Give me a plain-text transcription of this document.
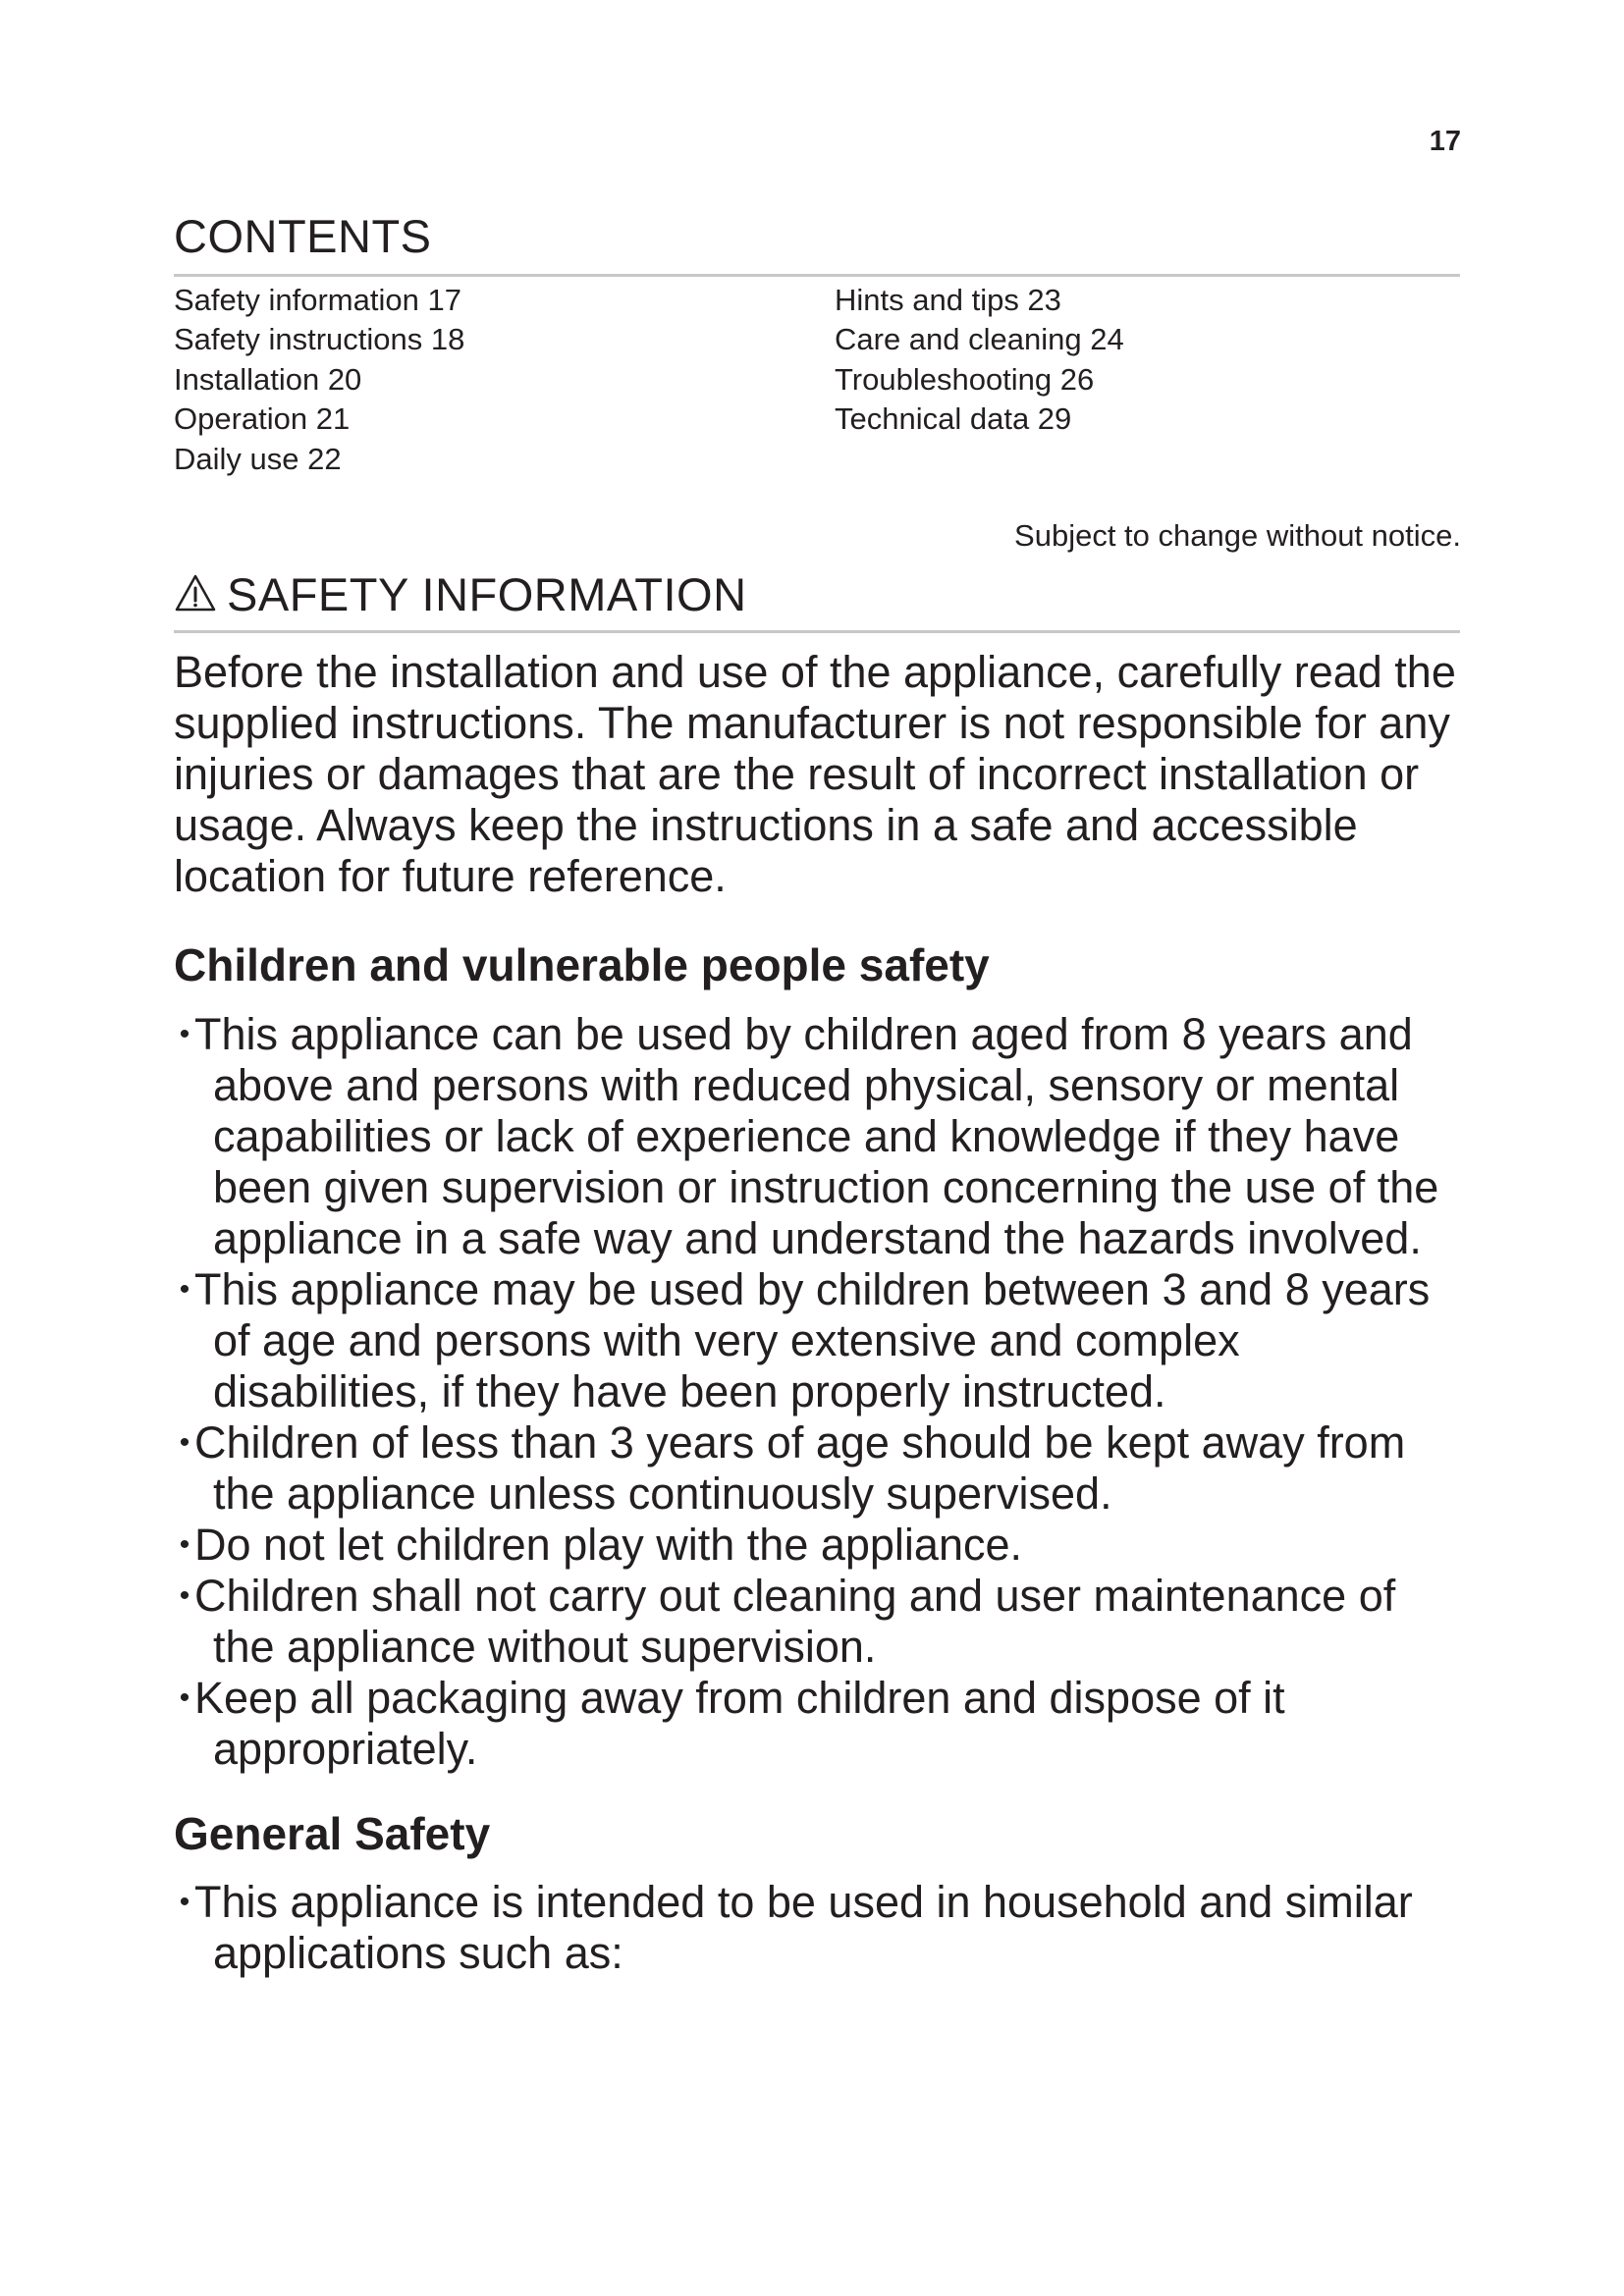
17
CONTENTS
Safety information 17
Safety instructions 18
Installation 20
Operation 21
Daily use 22
Hints and tips 23
Care and cleaning 24
Troubleshooting 26
Technical data 29
Subject to change without notice.
SAFETY INFORMATION

Before the installation and use of the appliance, carefully read the supplied instructions. The manufacturer is not responsible for any injuries or damages that are the result of incorrect installation or usage. Always keep the instructions in a safe and accessible location for future reference.

Children and vulnerable people safety
• This appliance can be used by children aged from 8 years and above and persons with reduced physical, sensory or mental capabilities or lack of experience and knowledge if they have been given supervision or instruction concerning the use of the appliance in a safe way and understand the hazards involved.
• This appliance may be used by children between 3 and 8 years of age and persons with very extensive and complex disabilities, if they have been properly instructed.
• Children of less than 3 years of age should be kept away from the appliance unless continuously supervised.
• Do not let children play with the appliance.
• Children shall not carry out cleaning and user maintenance of the appliance without supervision.
• Keep all packaging away from children and dispose of it appropriately.
General Safety
• This appliance is intended to be used in household and similar applications such as:
